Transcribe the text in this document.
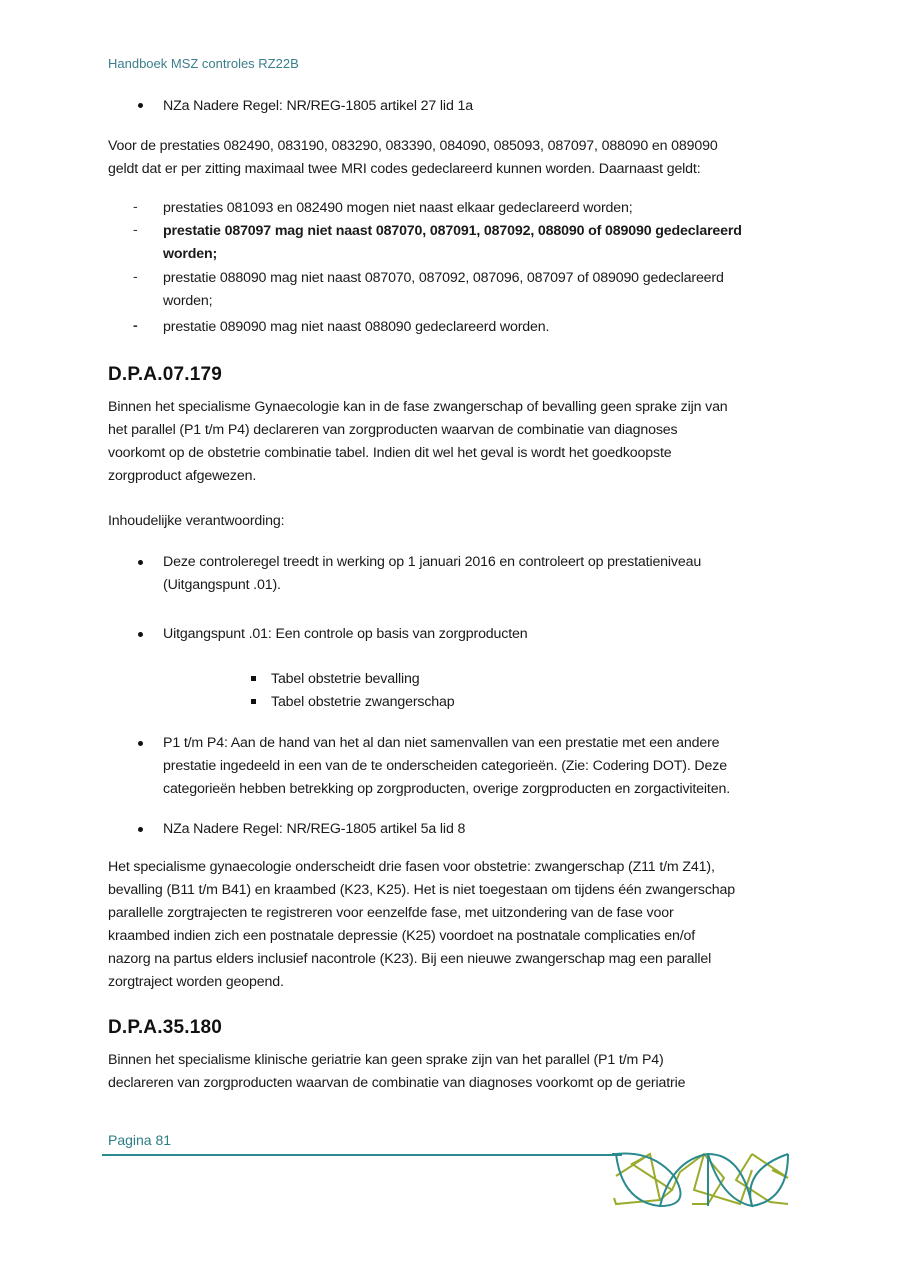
Handboek MSZ controles RZ22B
NZa Nadere Regel: NR/REG-1805 artikel 27 lid 1a
Voor de prestaties 082490, 083190, 083290, 083390, 084090, 085093, 087097, 088090 en 089090
geldt dat er per zitting maximaal twee MRI codes gedeclareerd kunnen worden. Daarnaast geldt:
- prestaties 081093 en 082490 mogen niet naast elkaar gedeclareerd worden;
- prestatie 087097 mag niet naast 087070, 087091, 087092, 088090 of 089090 gedeclareerd
worden;
- prestatie 088090 mag niet naast 087070, 087092, 087096, 087097 of 089090 gedeclareerd
worden;
- prestatie 089090 mag niet naast 088090 gedeclareerd worden.
D.P.A.07.179
Binnen het specialisme Gynaecologie kan in de fase zwangerschap of bevalling geen sprake zijn van
het parallel (P1 t/m P4) declareren van zorgproducten waarvan de combinatie van diagnoses
voorkomt op de obstetrie combinatie tabel. Indien dit wel het geval is wordt het goedkoopste
zorgproduct afgewezen.
Inhoudelijke verantwoording:
Deze controleregel treedt in werking op 1 januari 2016 en controleert op prestatieniveau
(Uitgangspunt .01).
Uitgangspunt .01: Een controle op basis van zorgproducten
Tabel obstetrie bevalling
Tabel obstetrie zwangerschap
P1 t/m P4: Aan de hand van het al dan niet samenvallen van een prestatie met een andere
prestatie ingedeeld in een van de te onderscheiden categorieën. (Zie: Codering DOT). Deze
categorieën hebben betrekking op zorgproducten, overige zorgproducten en zorgactiviteiten.
NZa Nadere Regel: NR/REG-1805 artikel 5a lid 8
Het specialisme gynaecologie onderscheidt drie fasen voor obstetrie: zwangerschap (Z11 t/m Z41),
bevalling (B11 t/m B41) en kraambed (K23, K25). Het is niet toegestaan om tijdens één zwangerschap
parallelle zorgtrajecten te registreren voor eenzelfde fase, met uitzondering van de fase voor
kraambed indien zich een postnatale depressie (K25) voordoet na postnatale complicaties en/of
nazorg na partus elders inclusief nacontrole (K23). Bij een nieuwe zwangerschap mag een parallel
zorgtraject worden geopend.
D.P.A.35.180
Binnen het specialisme klinische geriatrie kan geen sprake zijn van het parallel (P1 t/m P4)
declareren van zorgproducten waarvan de combinatie van diagnoses voorkomt op de geriatrie
Pagina 81
